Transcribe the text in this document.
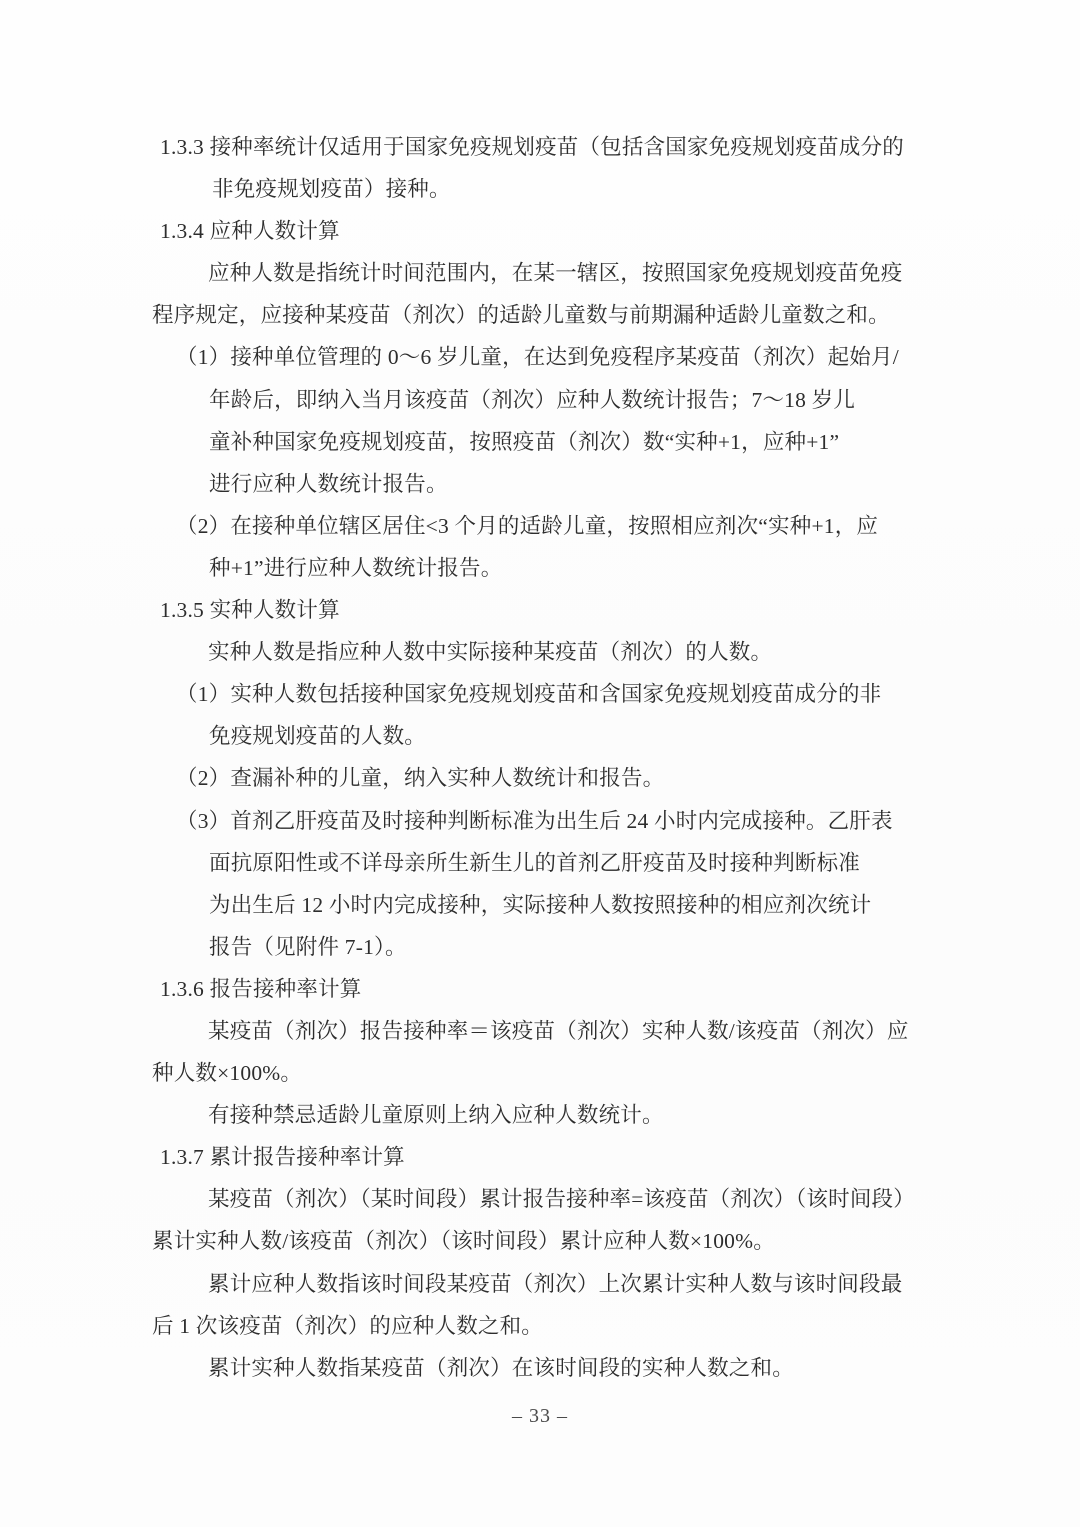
1.3.3 接种率统计仅适用于国家免疫规划疫苗（包括含国家免疫规划疫苗成分的
非免疫规划疫苗）接种。
1.3.4 应种人数计算
应种人数是指统计时间范围内，在某一辖区，按照国家免疫规划疫苗免疫
程序规定，应接种某疫苗（剂次）的适龄儿童数与前期漏种适龄儿童数之和。
（1）接种单位管理的 0～6 岁儿童，在达到免疫程序某疫苗（剂次）起始月/
年龄后，即纳入当月该疫苗（剂次）应种人数统计报告；7～18 岁儿
童补种国家免疫规划疫苗，按照疫苗（剂次）数“实种+1，应种+1”
进行应种人数统计报告。
（2）在接种单位辖区居住<3 个月的适龄儿童，按照相应剂次“实种+1，应
种+1”进行应种人数统计报告。
1.3.5 实种人数计算
实种人数是指应种人数中实际接种某疫苗（剂次）的人数。
（1）实种人数包括接种国家免疫规划疫苗和含国家免疫规划疫苗成分的非
免疫规划疫苗的人数。
（2）查漏补种的儿童，纳入实种人数统计和报告。
（3）首剂乙肝疫苗及时接种判断标准为出生后 24 小时内完成接种。乙肝表
面抗原阳性或不详母亲所生新生儿的首剂乙肝疫苗及时接种判断标准
为出生后 12 小时内完成接种，实际接种人数按照接种的相应剂次统计
报告（见附件 7-1）。
1.3.6 报告接种率计算
某疫苗（剂次）报告接种率＝该疫苗（剂次）实种人数/该疫苗（剂次）应
种人数×100%。
有接种禁忌适龄儿童原则上纳入应种人数统计。
1.3.7 累计报告接种率计算
某疫苗（剂次）（某时间段）累计报告接种率=该疫苗（剂次）（该时间段）
累计实种人数/该疫苗（剂次）（该时间段）累计应种人数×100%。
累计应种人数指该时间段某疫苗（剂次）上次累计实种人数与该时间段最
后 1 次该疫苗（剂次）的应种人数之和。
累计实种人数指某疫苗（剂次）在该时间段的实种人数之和。
– 33 –
